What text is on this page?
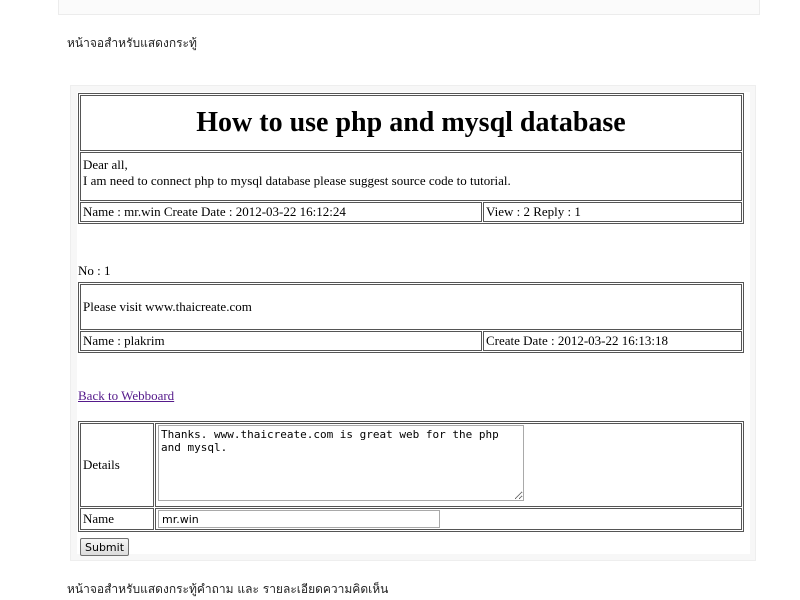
หน้าจอสำหรับแสดงกระทู้
How to use php and mysql database
Dear all,
I am need to connect php to mysql database please suggest source code to tutorial.
Name : mr.win Create Date : 2012-03-22 16:12:24	View : 2 Reply : 1
No : 1
Please visit www.thaicreate.com
Name : plakrim	Create Date : 2012-03-22 16:13:18
Back to Webboard
Details	Thanks. www.thaicreate.com is great web for the php and mysql.
Name	mr.win
Submit
หน้าจอสำหรับแสดงกระทู้คำถาม และ รายละเอียดความคิดเห็น
